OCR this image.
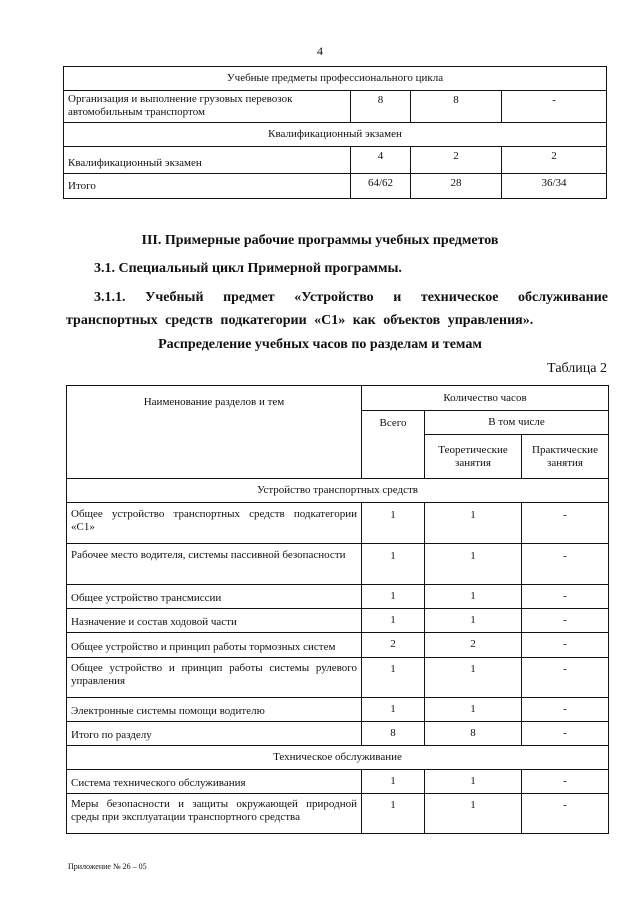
4
Учебные предметы профессионального цикла			
Организация и выполнение грузовых перевозок автомобильным транспортом	8	8	-
Квалификационный экзамен			
Квалификационный экзамен	4	2	2
Итого	64/62	28	36/34
III. Примерные рабочие программы учебных предметов
3.1. Специальный цикл Примерной программы.
3.1.1. Учебный предмет «Устройство и техническое обслуживание транспортных средств подкатегории «C1» как объектов управления».
Распределение учебных часов по разделам и темам
Таблица 2
Наименование разделов и тем	Количество часов		
	Всего	В том числе	
		Теоретические занятия	Практические занятия
Устройство транспортных средств			
Общее устройство транспортных средств подкатегории «C1»	1	1	-
Рабочее место водителя, системы пассивной безопасности	1	1	-
Общее устройство трансмиссии	1	1	-
Назначение и состав ходовой части	1	1	-
Общее устройство и принцип работы тормозных систем	2	2	-
Общее устройство и принцип работы системы рулевого управления	1	1	-
Электронные системы помощи водителю	1	1	-
Итого по разделу	8	8	-
Техническое обслуживание			
Система технического обслуживания	1	1	-
Меры безопасности и защиты окружающей природной среды при эксплуатации транспортного средства	1	1	-
Приложение № 26 – 05
